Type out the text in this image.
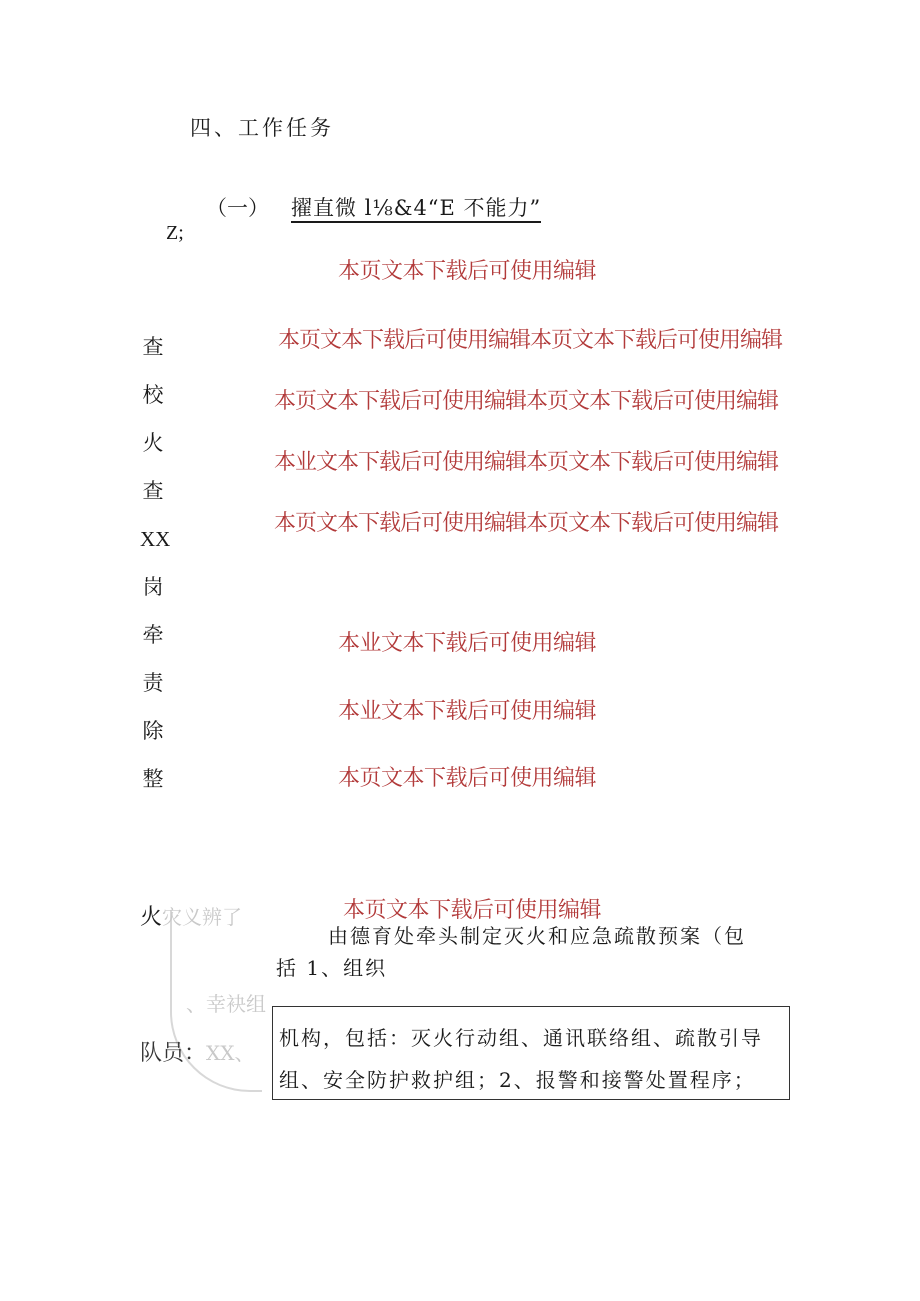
四、工作任务
（一） 擢直微 l⅛&4“E 不能力”
Z;
本页文本下载后可使用编辑
查
校
火
查
XX
岗
牵
责
除
整
本页文本下载后可使用编辑本页文本下载后可使用编辑本页文本下载后可使用编辑本页文本下载后可使用编辑本业文本下载后可使用编辑本页文本下载后可使用编辑本页文本下载后可使用编辑本页文本下载后可使用编辑
本业文本下载后可使用编辑
本业文本下载后可使用编辑
本页文本下载后可使用编辑
火灾义辨了
、幸袂组
本页文本下载后可使用编辑
由德育处牵头制定灭火和应急疏散预案（包
括 1、组织
队员：XX、
机构，包括：灭火行动组、通讯联络组、疏散引导
组、安全防护救护组；2、报警和接警处置程序；
